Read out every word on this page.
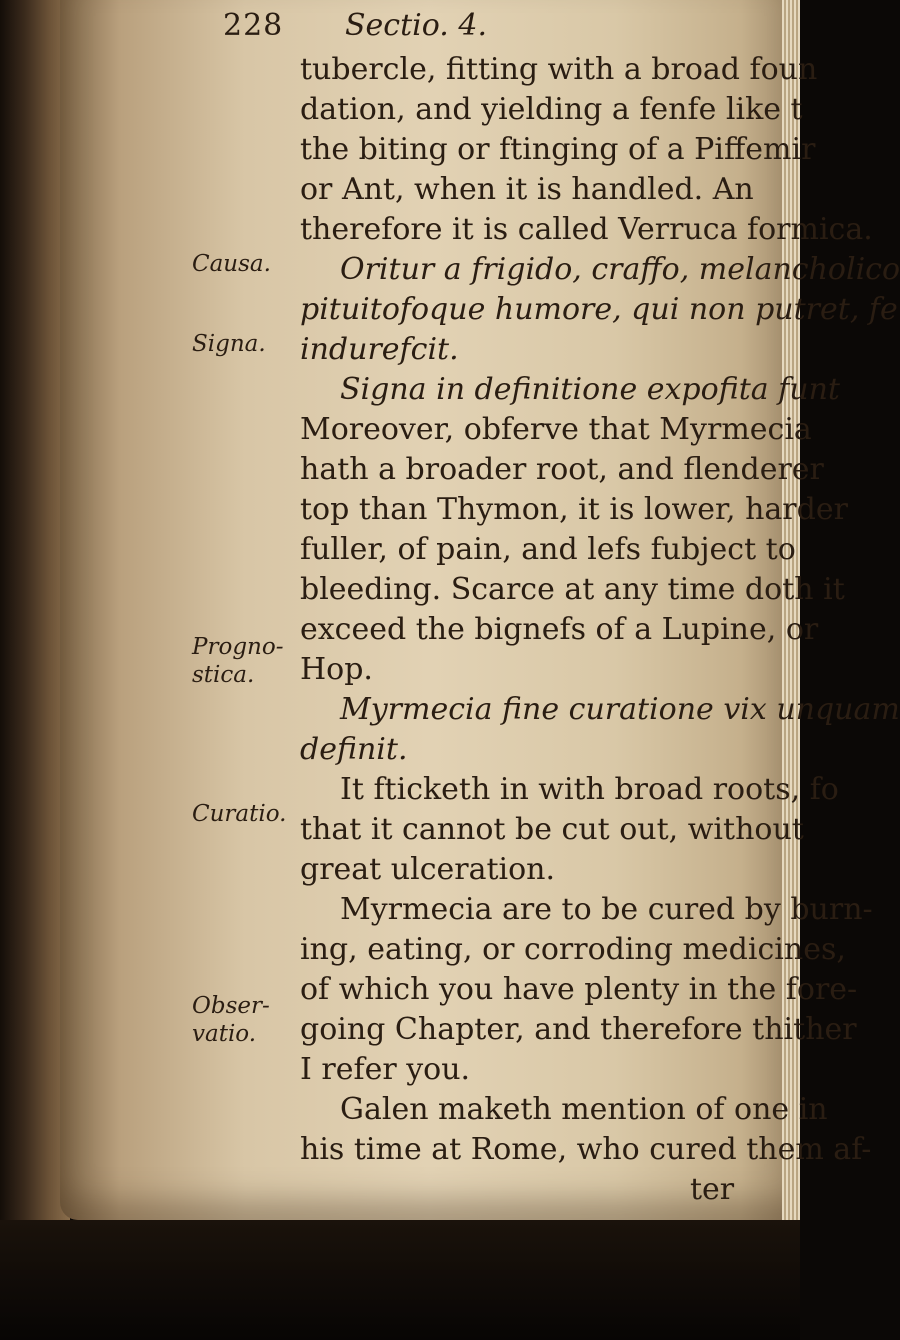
228 Sectio. 4.
Causa.
Signa.
Progno-
stica.
Curatio.
Obser-
vatio.
tubercle, fitting with a broad foun
dation, and yielding a fenfe like t
the biting or ftinging of a Piffemir
or Ant, when it is handled. An
therefore it is called Verruca formica.
Oritur a frigido, craffo, melancholico
pituitofoque humore, qui non putret, fe
indurefcit.
Signa in definitione expofita funt
Moreover, obferve that Myrmecia
hath a broader root, and flenderer
top than Thymon, it is lower, harder
fuller, of pain, and lefs fubject to
bleeding. Scarce at any time doth it
exceed the bignefs of a Lupine, or
Hop.
Myrmecia fine curatione vix unquam
definit.
It fticketh in with broad roots, fo
that it cannot be cut out, without
great ulceration.
Myrmecia are to be cured by burn-
ing, eating, or corroding medicines,
of which you have plenty in the fore-
going Chapter, and therefore thither
I refer you.
Galen maketh mention of one in
his time at Rome, who cured them af-
ter
